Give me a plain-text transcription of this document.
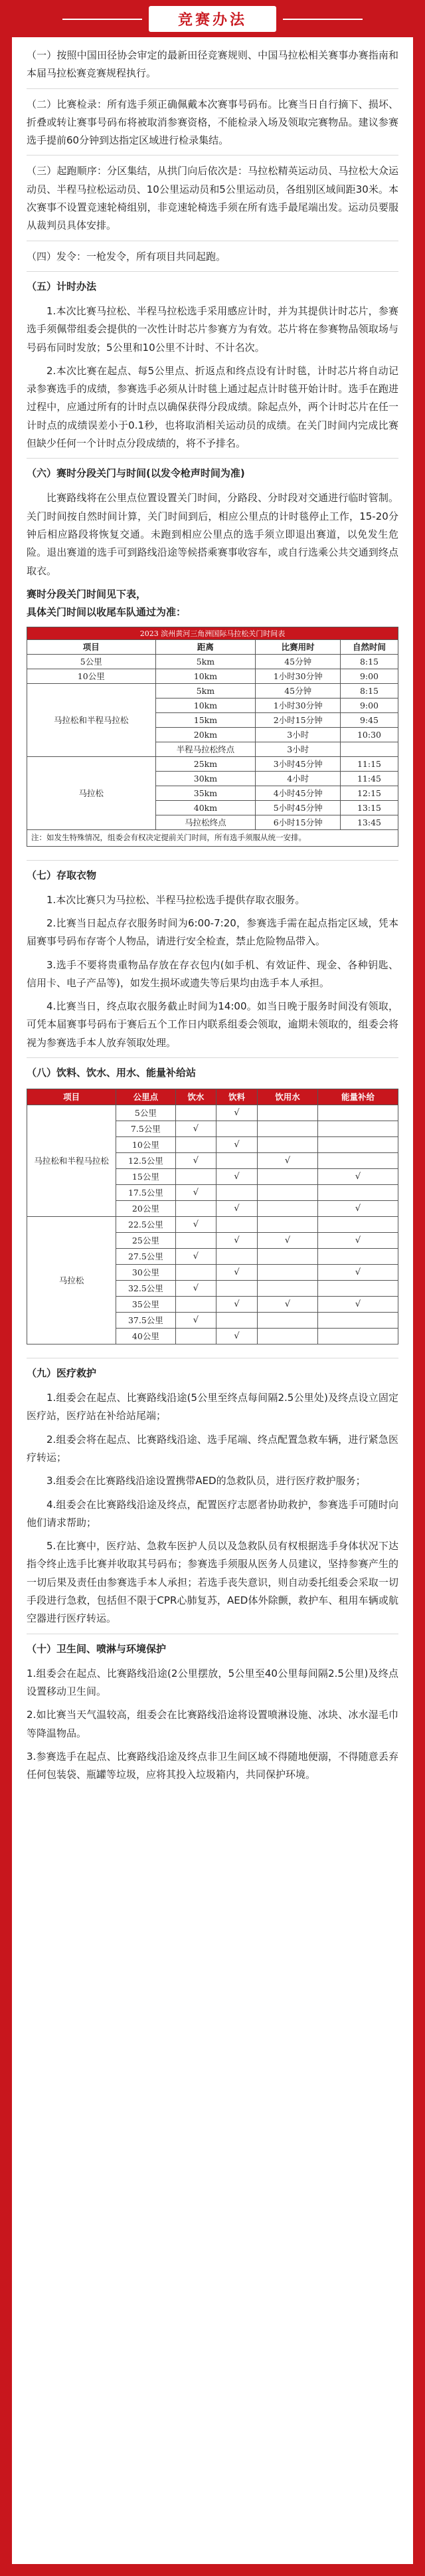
竞赛办法

（一）按照中国田径协会审定的最新田径竞赛规则、中国马拉松相关赛事办赛指南和本届马拉松赛竞赛规程执行。

（二）比赛检录：所有选手须正确佩戴本次赛事号码布。比赛当日自行摘下、损坏、折叠或转让赛事号码布将被取消参赛资格，不能检录入场及领取完赛物品。建议参赛选手提前60分钟到达指定区域进行检录集结。

（三）起跑顺序：分区集结，从拱门向后依次是：马拉松精英运动员、马拉松大众运动员、半程马拉松运动员、10公里运动员和5公里运动员，各组别区域间距30米。本次赛事不设置竞速轮椅组别，非竞速轮椅选手须在所有选手最尾端出发。运动员要服从裁判员具体安排。

（四）发令：一枪发令，所有项目共同起跑。

（五）计时办法

1.本次比赛马拉松、半程马拉松选手采用感应计时，并为其提供计时芯片，参赛选手须佩带组委会提供的一次性计时芯片参赛方为有效。芯片将在参赛物品领取场与号码布同时发放；5公里和10公里不计时、不计名次。

2.本次比赛在起点、每5公里点、折返点和终点设有计时毯，计时芯片将自动记录参赛选手的成绩，参赛选手必须从计时毯上通过起点计时毯开始计时。选手在跑进过程中，应通过所有的计时点以确保获得分段成绩。除起点外，两个计时芯片在任一计时点的成绩误差小于0.1秒，也将取消相关运动员的成绩。在关门时间内完成比赛但缺少任何一个计时点分段成绩的，将不予排名。

（六）赛时分段关门与时间(以发令枪声时间为准)

比赛路线将在公里点位置设置关门时间，分路段、分时段对交通进行临时管制。关门时间按自然时间计算，关门时间到后，相应公里点的计时毯停止工作，15-20分钟后相应路段将恢复交通。未跑到相应公里点的选手须立即退出赛道，以免发生危险。退出赛道的选手可到路线沿途等候搭乘赛事收容车，或自行选乘公共交通到终点取衣。

赛时分段关门时间见下表，

具体关门时间以收尾车队通过为准：

2023 滨州黄河三角洲国际马拉松关门时间表			
项目	距离	比赛用时	自然时间
5公里	5km	45分钟	8:15
10公里	10km	1小时30分钟	9:00
马拉松和半程马拉松	5km	45分钟	8:15
	10km	1小时30分钟	9:00
	15km	2小时15分钟	9:45
	20km	3小时	10:30
	半程马拉松终点	3小时	
马拉松	25km	3小时45分钟	11:15
	30km	4小时	11:45
	35km	4小时45分钟	12:15
	40km	5小时45分钟	13:15
	马拉松终点	6小时15分钟	13:45
注：如发生特殊情况，组委会有权决定提前关门时间，所有选手须服从统一安排。			
（七）存取衣物

1.本次比赛只为马拉松、半程马拉松选手提供存取衣服务。

2.比赛当日起点存衣服务时间为6:00-7:20，参赛选手需在起点指定区域，凭本届赛事号码布存寄个人物品，请进行安全检查，禁止危险物品带入。

3.选手不要将贵重物品存放在存衣包内(如手机、有效证件、现金、各种钥匙、信用卡、电子产品等)，如发生损坏或遗失等后果均由选手本人承担。

4.比赛当日，终点取衣服务截止时间为14:00。如当日晚于服务时间没有领取，可凭本届赛事号码布于赛后五个工作日内联系组委会领取，逾期未领取的，组委会将视为参赛选手本人放弃领取处理。

（八）饮料、饮水、用水、能量补给站
项目	公里点	饮水	饮料	饮用水	能量补给
马拉松和半程马拉松	5公里		√		
	7.5公里	√			
	10公里		√		
	12.5公里	√		√	
	15公里		√		√
	17.5公里	√			
	20公里		√		√
马拉松	22.5公里	√			
	25公里		√	√	√
	27.5公里	√			
	30公里		√		√
	32.5公里	√			
	35公里		√	√	√
	37.5公里	√			
	40公里		√		
（九）医疗救护

1.组委会在起点、比赛路线沿途(5公里至终点每间隔2.5公里处)及终点设立固定医疗站，医疗站在补给站尾端；

2.组委会将在起点、比赛路线沿途、选手尾端、终点配置急救车辆，进行紧急医疗转运；

3.组委会在比赛路线沿途设置携带AED的急救队员，进行医疗救护服务；

4.组委会在比赛路线沿途及终点，配置医疗志愿者协助救护，参赛选手可随时向他们请求帮助；

5.在比赛中，医疗站、急救车医护人员以及急救队员有权根据选手身体状况下达指令终止选手比赛并收取其号码布；参赛选手须服从医务人员建议，坚持参赛产生的一切后果及责任由参赛选手本人承担；若选手丧失意识，则自动委托组委会采取一切手段进行急救，包括但不限于CPR心肺复苏，AED体外除颤，救护车、租用车辆或航空器进行医疗转运。

（十）卫生间、喷淋与环境保护

1.组委会在起点、比赛路线沿途(2公里摆放，5公里至40公里每间隔2.5公里)及终点设置移动卫生间。

2.如比赛当天气温较高，组委会在比赛路线沿途将设置喷淋设施、冰块、冰水湿毛巾等降温物品。

3.参赛选手在起点、比赛路线沿途及终点非卫生间区域不得随地便溺，不得随意丢弃任何包装袋、瓶罐等垃圾，应将其投入垃圾箱内，共同保护环境。
